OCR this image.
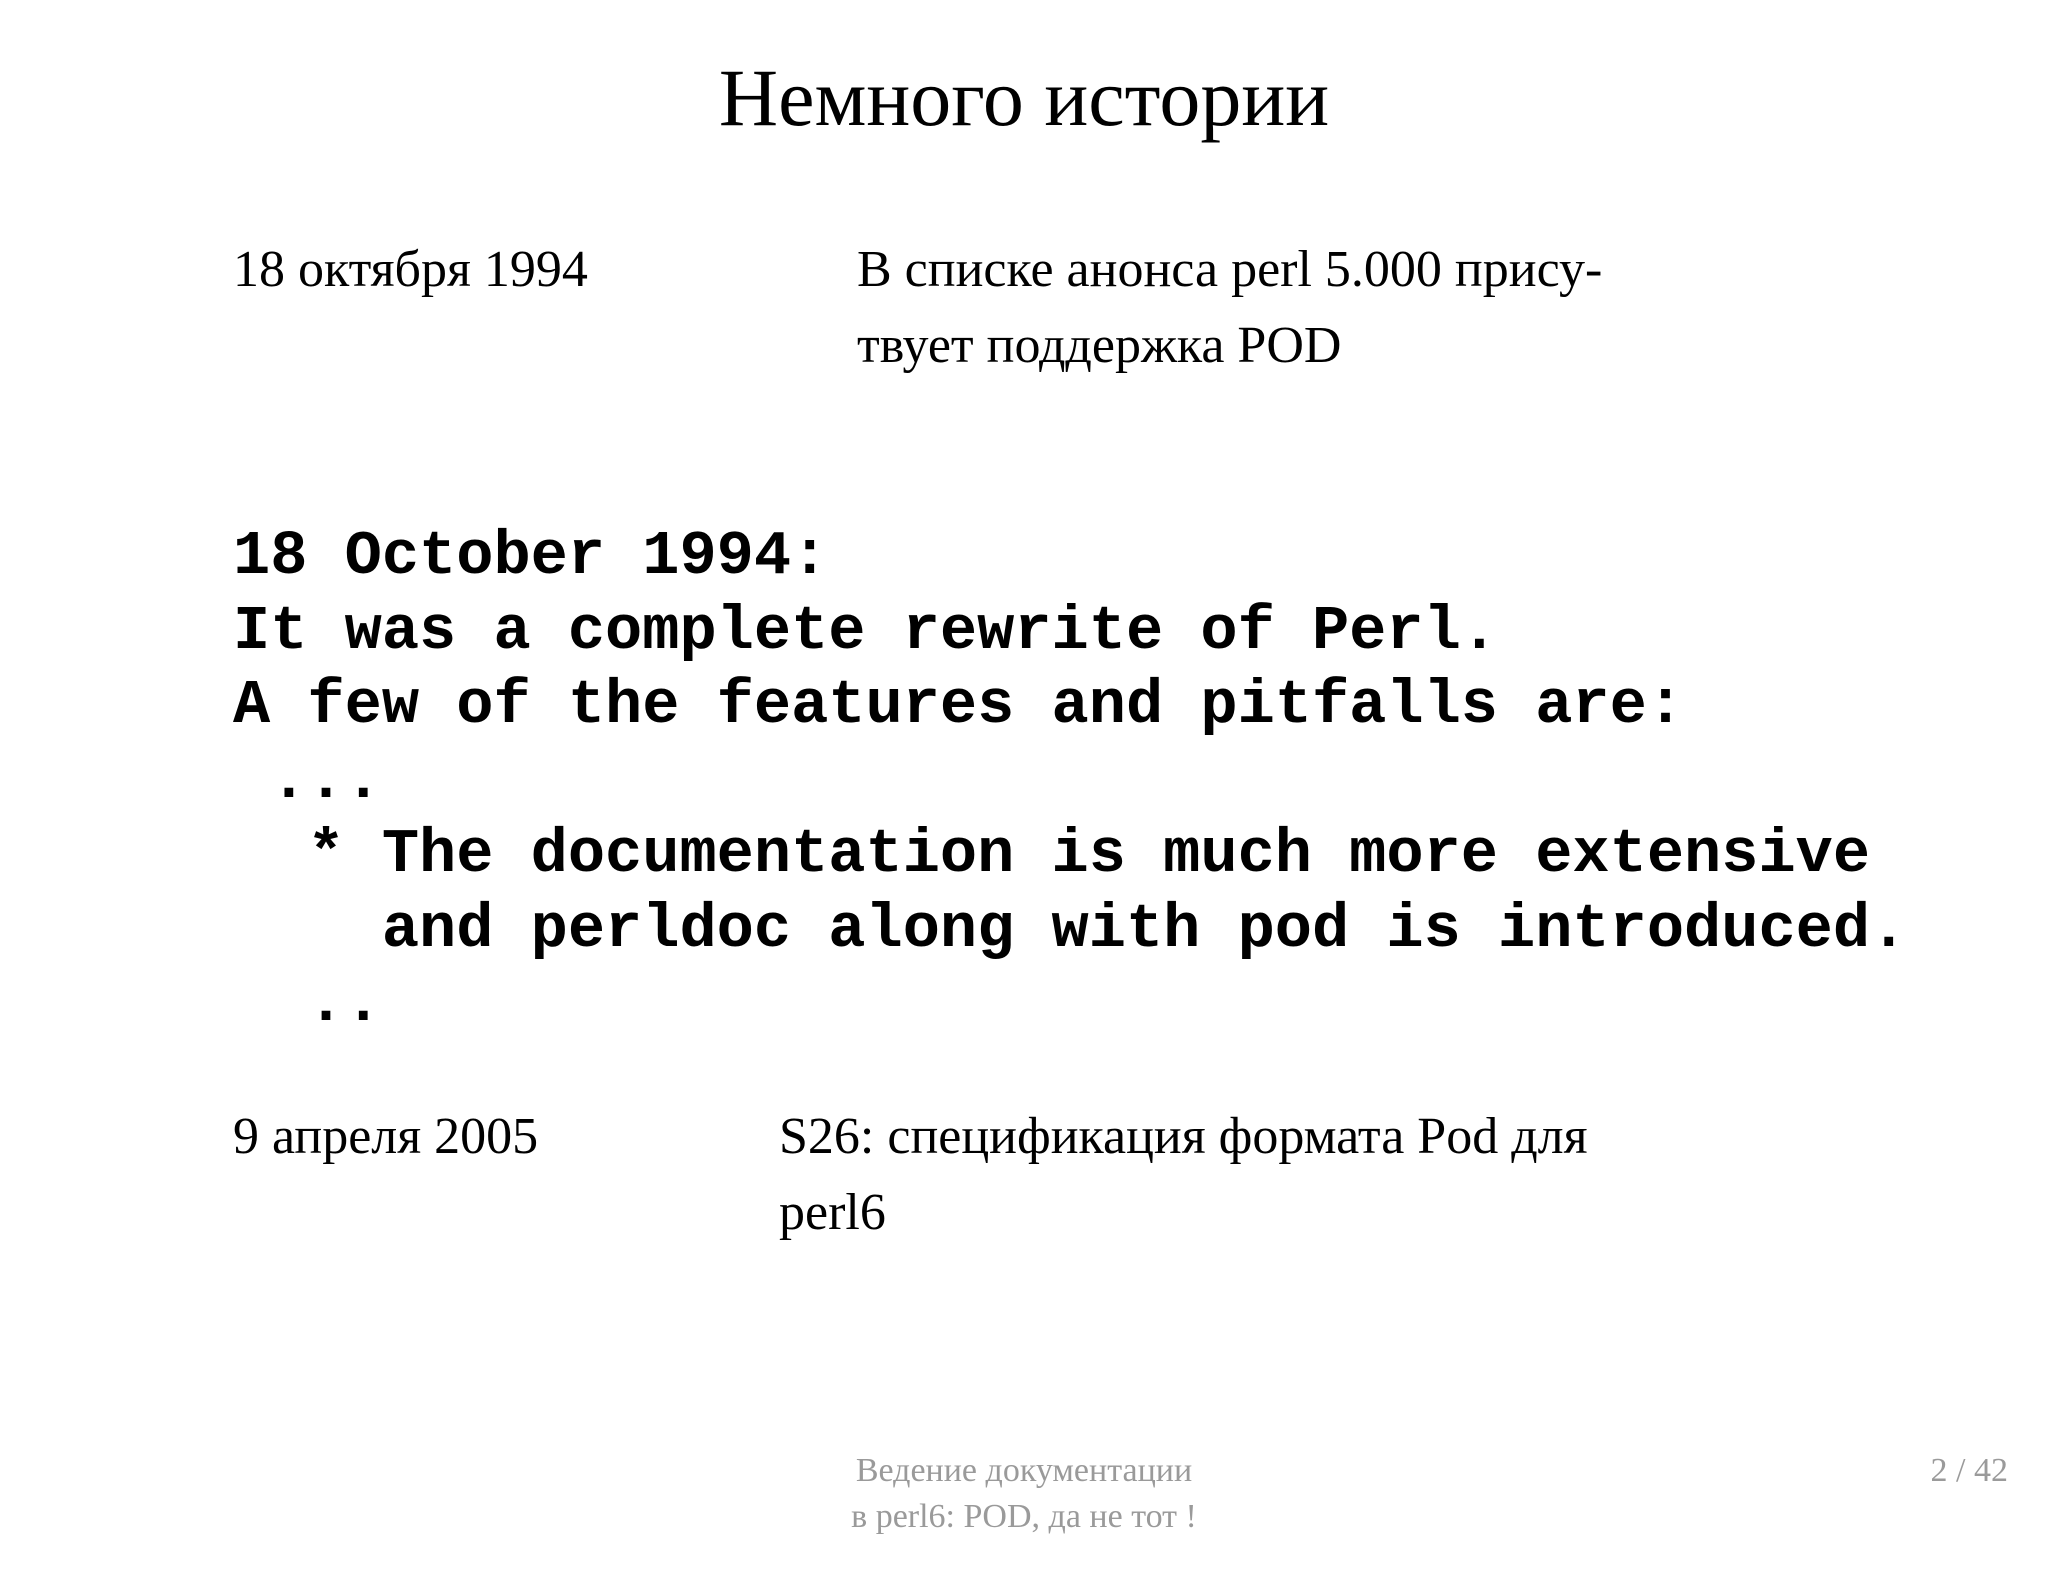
Немного истории
18 октября 1994	В списке анонса perl 5.000 прису-
твует поддержка POD
18 October 1994:
It was a complete rewrite of Perl.
A few of the features and pitfalls are:
...
* The documentation is much more extensive
and perldoc along with pod is introduced.
..
9 апреля 2005	S26: спецификация формата Pod для
perl6
Ведение документации
в perl6: POD, да не тот !
2 / 42
